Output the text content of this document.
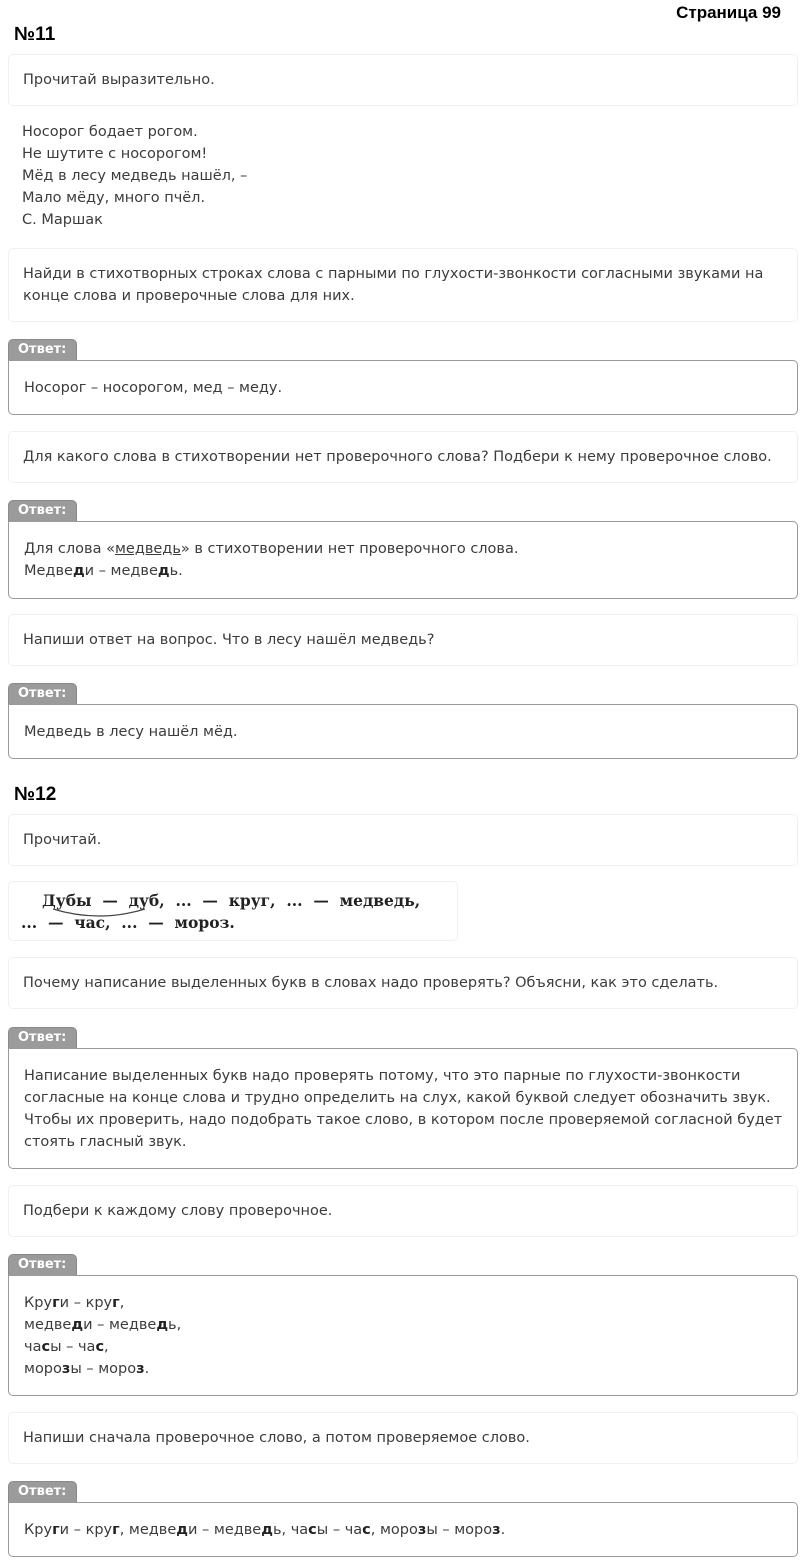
Страница 99
№11
Прочитай выразительно.
Носорог бодает рогом.
Не шутите с носорогом!
Мёд в лесу медведь нашёл, –
Мало мёду, много пчёл.
С. Маршак
Найди в стихотворных строках слова с парными по глухости-звонкости согласными звуками на конце слова и проверочные слова для них.
Ответ:
Носорог – носорогом, мед – меду.
Для какого слова в стихотворении нет проверочного слова? Подбери к нему проверочное слово.
Ответ:
Для слова «медведь» в стихотворении нет проверочного слова.
Медведи – медведь.
Напиши ответ на вопрос. Что в лесу нашёл медведь?
Ответ:
Медведь в лесу нашёл мёд.
№12
Прочитай.
Дубы  —  дуб,  ...  —  круг,  ...  —  медведь,
...  —  час,  ...  —  мороз.
Почему написание выделенных букв в словах надо проверять? Объясни, как это сделать.
Ответ:
Написание выделенных букв надо проверять потому, что это парные по глухости-звонкости
согласные на конце слова и трудно определить на слух, какой буквой следует обозначить звук.
Чтобы их проверить, надо подобрать такое слово, в котором после проверяемой согласной будет
стоять гласный звук.
Подбери к каждому слову проверочное.
Ответ:
Круги – круг,
медведи – медведь,
часы – час,
морозы – мороз.
Напиши сначала проверочное слово, а потом проверяемое слово.
Ответ:
Круги – круг, медведи – медведь, часы – час, морозы – мороз.
